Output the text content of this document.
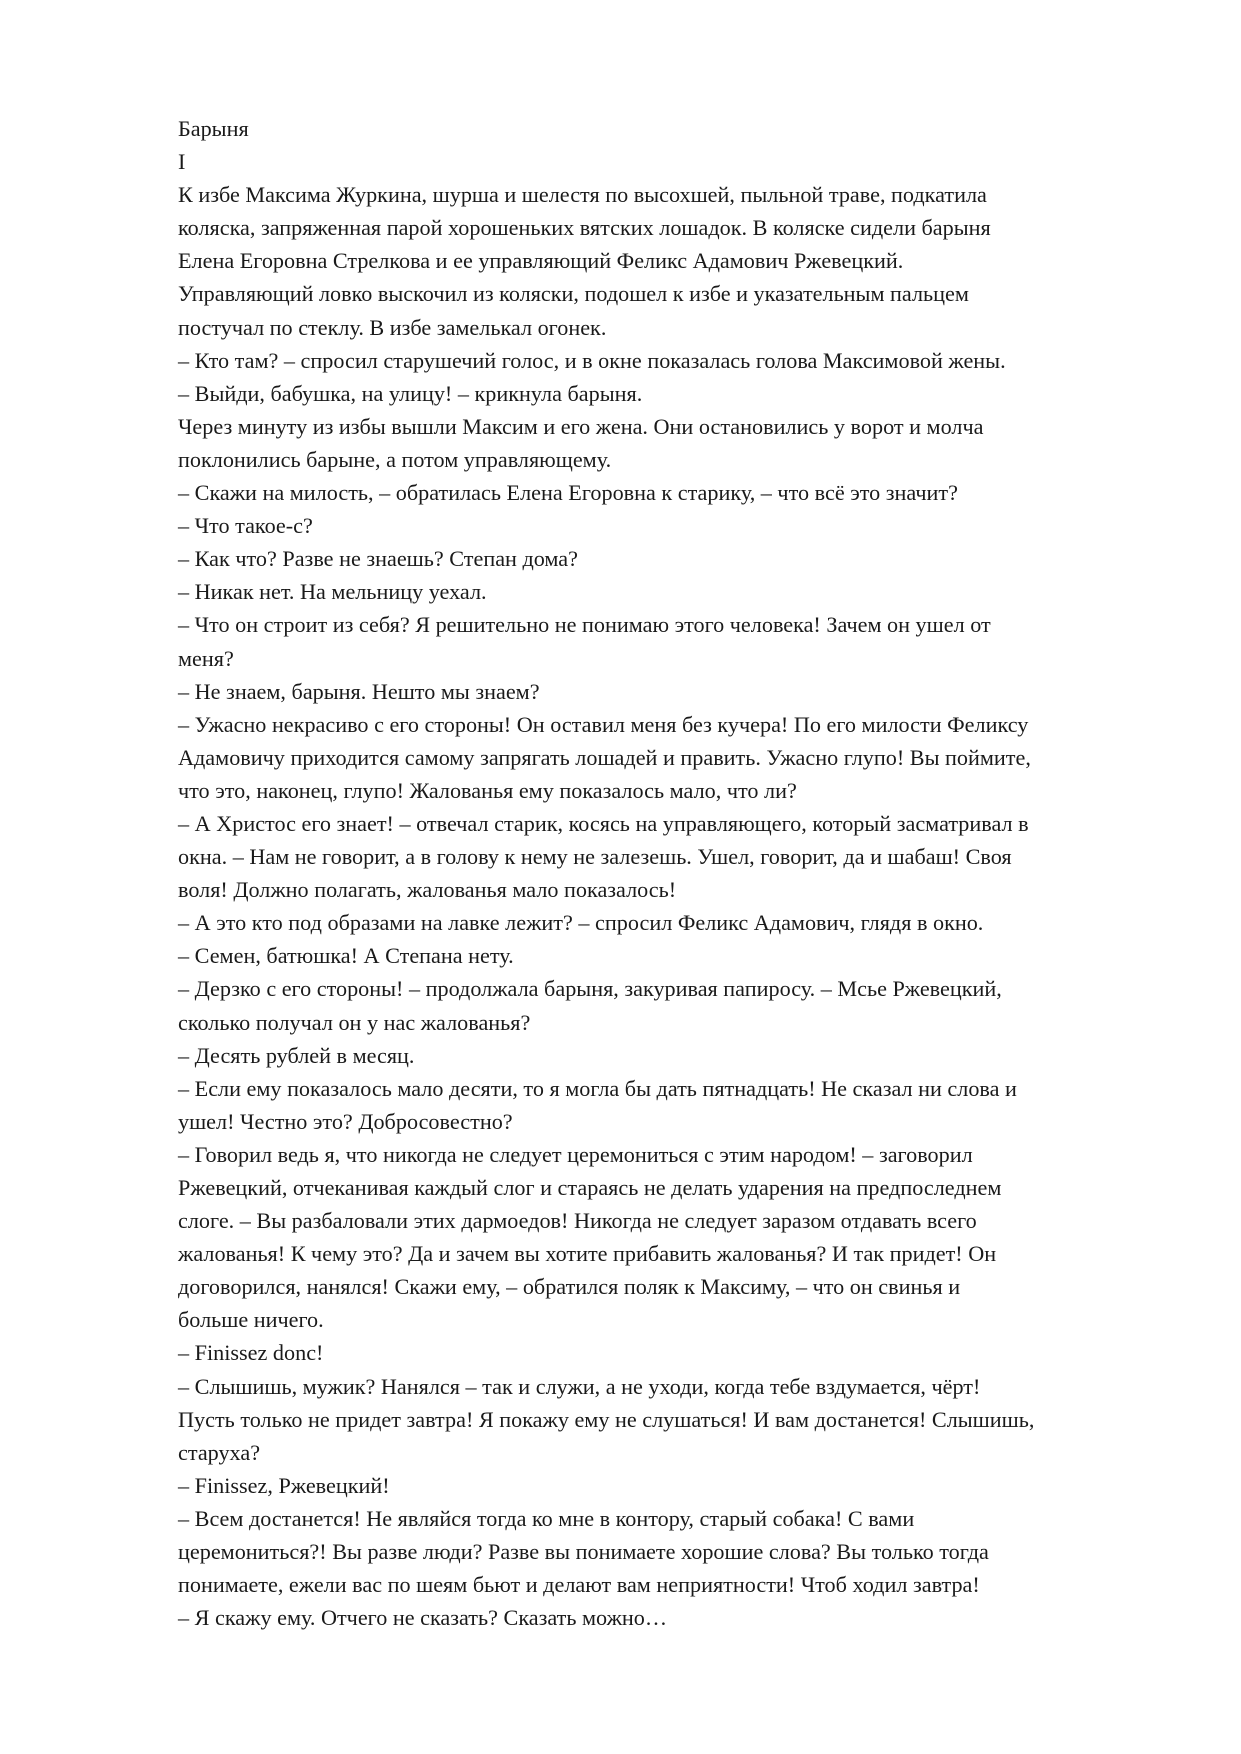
Барыня
I
К избе Максима Журкина, шурша и шелестя по высохшей, пыльной траве, подкатила
коляска, запряженная парой хорошеньких вятских лошадок. В коляске сидели барыня
Елена Егоровна Стрелкова и ее управляющий Феликс Адамович Ржевецкий.
Управляющий ловко выскочил из коляски, подошел к избе и указательным пальцем
постучал по стеклу. В избе замелькал огонек.
– Кто там? – спросил старушечий голос, и в окне показалась голова Максимовой жены.
– Выйди, бабушка, на улицу! – крикнула барыня.
Через минуту из избы вышли Максим и его жена. Они остановились у ворот и молча
поклонились барыне, а потом управляющему.
– Скажи на милость, – обратилась Елена Егоровна к старику, – что всё это значит?
– Что такое-с?
– Как что? Разве не знаешь? Степан дома?
– Никак нет. На мельницу уехал.
– Что он строит из себя? Я решительно не понимаю этого человека! Зачем он ушел от
меня?
– Не знаем, барыня. Нешто мы знаем?
– Ужасно некрасиво с его стороны! Он оставил меня без кучера! По его милости Феликсу
Адамовичу приходится самому запрягать лошадей и править. Ужасно глупо! Вы поймите,
что это, наконец, глупо! Жалованья ему показалось мало, что ли?
– А Христос его знает! – отвечал старик, косясь на управляющего, который засматривал в
окна. – Нам не говорит, а в голову к нему не залезешь. Ушел, говорит, да и шабаш! Своя
воля! Должно полагать, жалованья мало показалось!
– А это кто под образами на лавке лежит? – спросил Феликс Адамович, глядя в окно.
– Семен, батюшка! А Степана нету.
– Дерзко с его стороны! – продолжала барыня, закуривая папиросу. – Мсье Ржевецкий,
сколько получал он у нас жалованья?
– Десять рублей в месяц.
– Если ему показалось мало десяти, то я могла бы дать пятнадцать! Не сказал ни слова и
ушел! Честно это? Добросовестно?
– Говорил ведь я, что никогда не следует церемониться с этим народом! – заговорил
Ржевецкий, отчеканивая каждый слог и стараясь не делать ударения на предпоследнем
слоге. – Вы разбаловали этих дармоедов! Никогда не следует заразом отдавать всего
жалованья! К чему это? Да и зачем вы хотите прибавить жалованья? И так придет! Он
договорился, нанялся! Скажи ему, – обратился поляк к Максиму, – что он свинья и
больше ничего.
– Finissez donc!
– Слышишь, мужик? Нанялся – так и служи, а не уходи, когда тебе вздумается, чёрт!
Пусть только не придет завтра! Я покажу ему не слушаться! И вам достанется! Слышишь,
старуха?
– Finissez, Ржевецкий!
– Всем достанется! Не являйся тогда ко мне в контору, старый собака! С вами
церемониться?! Вы разве люди? Разве вы понимаете хорошие слова? Вы только тогда
понимаете, ежели вас по шеям бьют и делают вам неприятности! Чтоб ходил завтра!
– Я скажу ему. Отчего не сказать? Сказать можно…
